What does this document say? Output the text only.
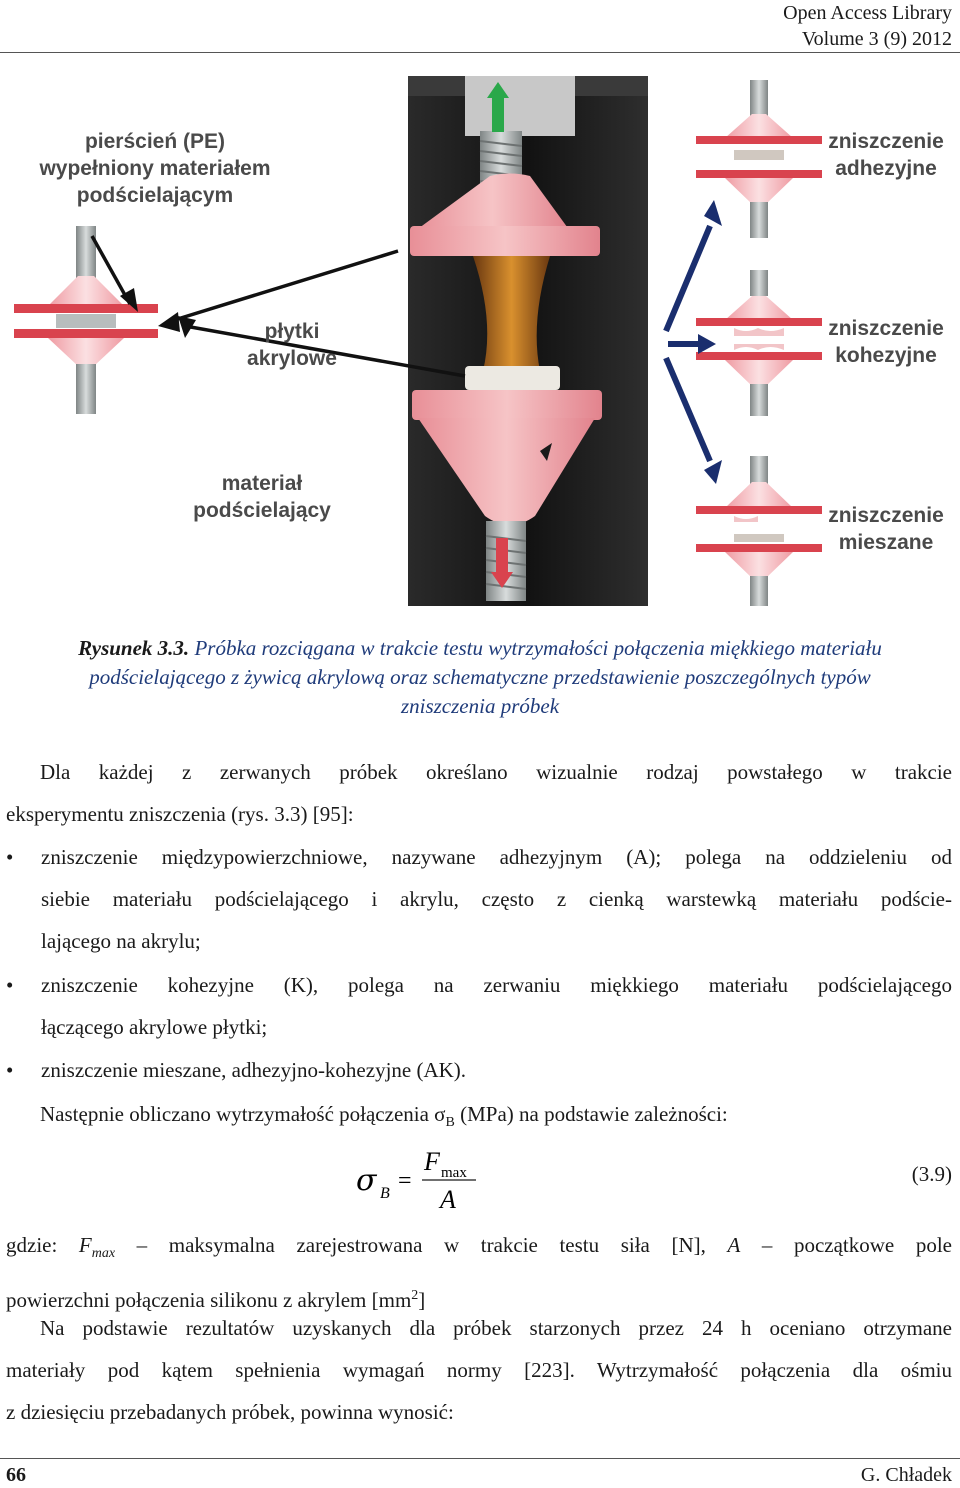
Open Access Library
Volume 3 (9) 2012
pierścień (PE)
wypełniony materiałem
podścielającym
płytki
akrylowe
materiał
podścielający
zniszczenie
adhezyjne
zniszczenie
kohezyjne
zniszczenie
mieszane
Rysunek 3.3. Próbka rozciągana w trakcie testu wytrzymałości połączenia miękkiego materiału podścielającego z żywicą akrylową oraz schematyczne przedstawienie poszczególnych typów zniszczenia próbek

Dla każdej z zerwanych próbek określano wizualnie rodzaj powstałego w trakcie

eksperymentu zniszczenia (rys. 3.3) [95]:

• zniszczenie międzypowierzchniowe, nazywane adhezyjnym (A); polega na oddzieleniu od

siebie materiału podścielającego i akrylu, często z cienką warstewką materiału podście-

lającego na akrylu;

• zniszczenie kohezyjne (K), polega na zerwaniu miękkiego materiału podścielającego

łączącego akrylowe płytki;

• zniszczenie mieszane, adhezyjno-kohezyjne (AK).

Następnie obliczano wytrzymałość połączenia $\sigma_B$ (MPa) na podstawie zależności:

σ B =
F max
A
(3.9)

gdzie: $F_{max}$ – maksymalna zarejestrowana w trakcie testu siła [N], A – początkowe pole

powierzchni połączenia silikonu z akrylem $[mm^2]$

Na podstawie rezultatów uzyskanych dla próbek starzonych przez 24 h oceniano otrzymane

materiały pod kątem spełnienia wymagań normy [223]. Wytrzymałość połączenia dla ośmiu

z dziesięciu przebadanych próbek, powinna wynosić:

66	G. Chładek
